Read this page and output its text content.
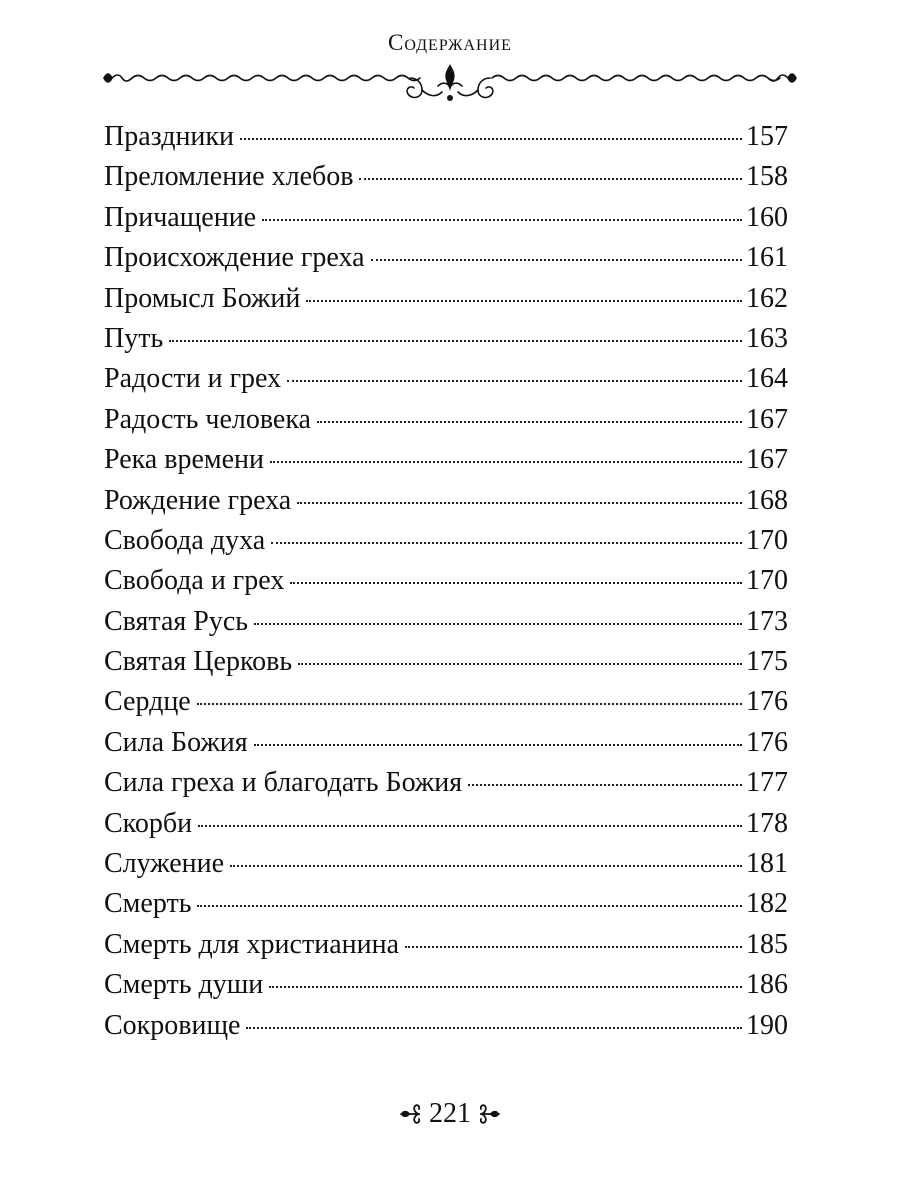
Содержание
Праздники	157
Преломление хлебов	158
Причащение	160
Происхождение греха	161
Промысл Божий	162
Путь	163
Радости и грех	164
Радость человека	167
Река времени	167
Рождение греха	168
Свобода духа	170
Свобода и грех	170
Святая Русь	173
Святая Церковь	175
Сердце	176
Сила Божия	176
Сила греха и благодать Божия	177
Скорби	178
Служение	181
Смерть	182
Смерть для христианина	185
Смерть души	186
Сокровище	190
221
